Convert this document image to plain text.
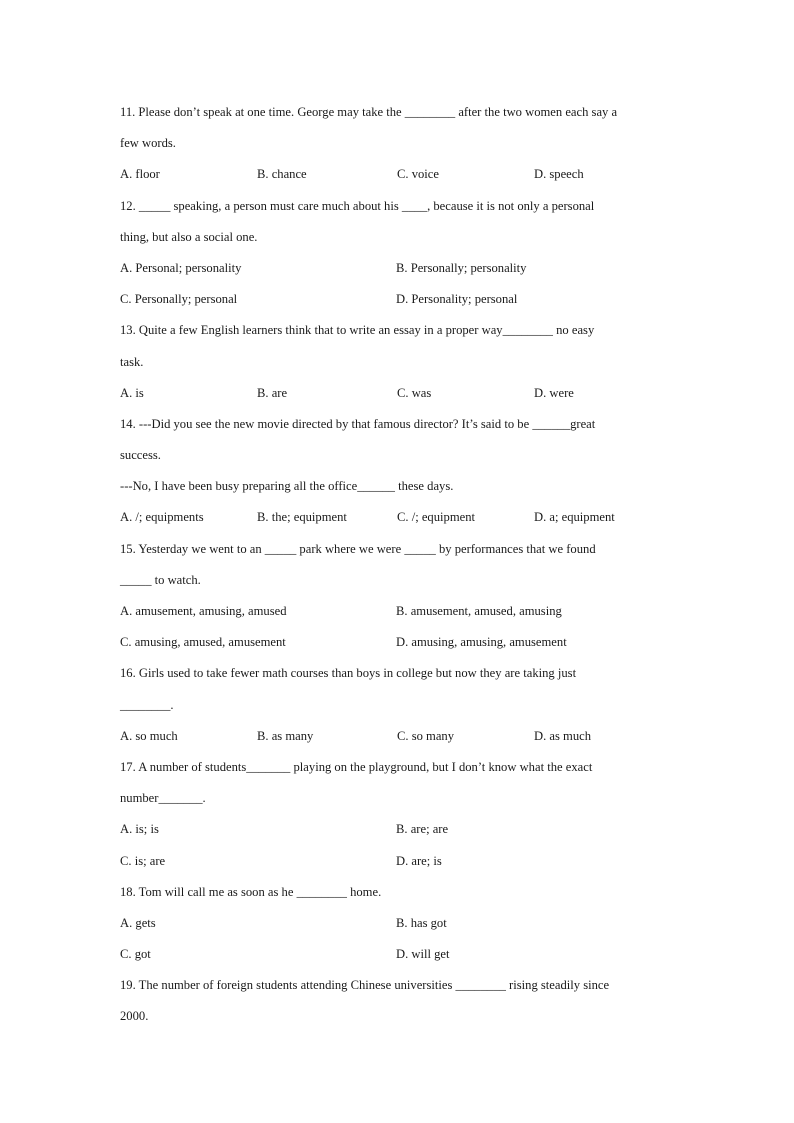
11. Please don’t speak at one time. George may take the ________ after the two women each say a
few words.
A. floor	B. chance	C. voice	D. speech
12. _____ speaking, a person must care much about his ____, because it is not only a personal
thing, but also a social one.
A. Personal; personality	B. Personally; personality
C. Personally; personal	D. Personality; personal
13. Quite a few English learners think that to write an essay in a proper way________ no easy
task.
A. is	B. are	C. was	D. were
14. ---Did you see the new movie directed by that famous director? It’s said to be ______great
success.
---No, I have been busy preparing all the office______ these days.
A. /; equipments	B. the; equipment	C. /; equipment	D. a; equipment
15. Yesterday we went to an _____ park where we were _____ by performances that we found
_____ to watch.
A. amusement, amusing, amused	B. amusement, amused, amusing
C. amusing, amused, amusement	D. amusing, amusing, amusement
16. Girls used to take fewer math courses than boys in college but now they are taking just
________.
A. so much	B. as many	C. so many	D. as much
17. A number of students_______ playing on the playground, but I don’t know what the exact
number_______.
A. is; is	B. are; are
C. is; are	D. are; is
18. Tom will call me as soon as he ________ home.
A. gets	B. has got
C. got	D. will get
19. The number of foreign students attending Chinese universities ________ rising steadily since
2000.
